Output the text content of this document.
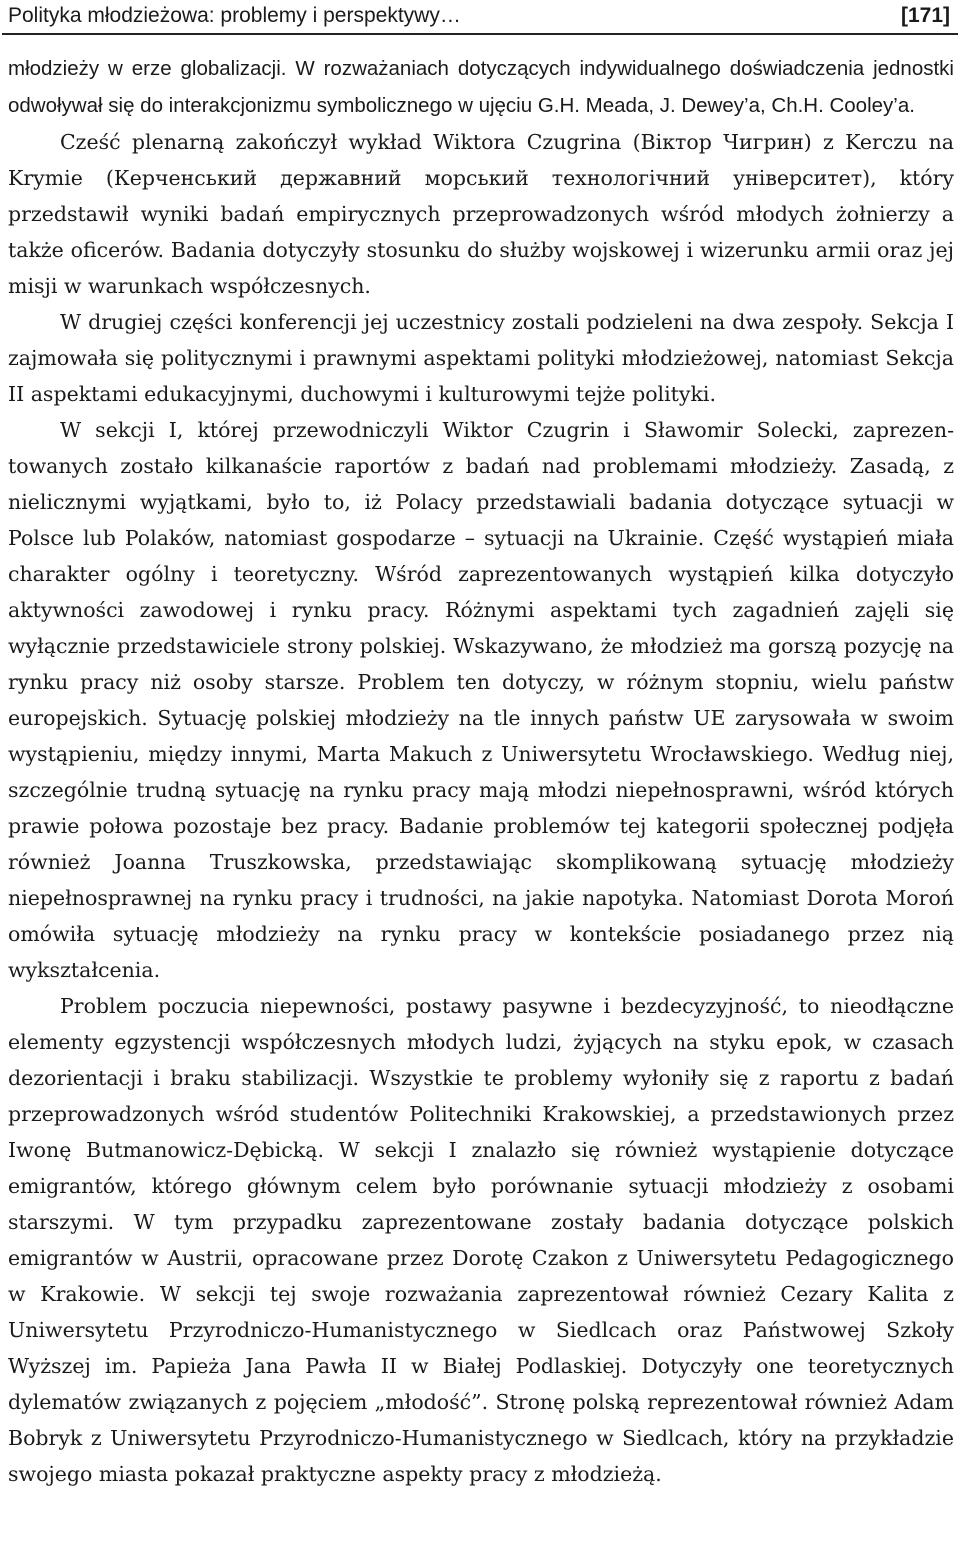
Polityka młodzieżowa: problemy i perspektywy…	[171]

młodzieży w erze globalizacji. W rozważaniach dotyczących indywidualnego doświadczenia jednostki odwoływał się do interakcjonizmu symbolicznego w ujęciu G.H. Meada, J. Dewey’a, Ch.H. Cooley’a.

Cześć plenarną zakończył wykład Wiktora Czugrina (Віктор Чигрин) z Kerczu na Krymie (Керченський державний морський технологічний університет), który przedstawił wyniki badań empirycznych przeprowadzonych wśród młodych żołnierzy a także oficerów. Badania dotyczyły stosunku do służby wojskowej i wizerunku armii oraz jej misji w warunkach współczesnych.

W drugiej części konferencji jej uczestnicy zostali podzieleni na dwa zespoły. Sekcja I zajmowała się politycznymi i prawnymi aspektami polityki młodzieżowej, natomiast Sekcja II aspektami edukacyjnymi, duchowymi i kulturowymi tejże polityki.

W sekcji I, której przewodniczyli Wiktor Czugrin i Sławomir Solecki, zaprezentowanych zostało kilkanaście raportów z badań nad problemami młodzieży. Zasadą, z nielicznymi wyjątkami, było to, iż Polacy przedstawiali badania dotyczące sytuacji w Polsce lub Polaków, natomiast gospodarze – sytuacji na Ukrainie. Część wystąpień miała charakter ogólny i teoretyczny. Wśród zaprezentowanych wystąpień kilka dotyczyło aktywności zawodowej i rynku pracy. Różnymi aspektami tych zagadnień zajęli się wyłącznie przedstawiciele strony polskiej. Wskazywano, że młodzież ma gorszą pozycję na rynku pracy niż osoby starsze. Problem ten dotyczy, w różnym stopniu, wielu państw europejskich. Sytuację polskiej młodzieży na tle innych państw UE zarysowała w swoim wystąpieniu, między innymi, Marta Makuch z Uniwersytetu Wrocławskiego. Według niej, szczególnie trudną sytuację na rynku pracy mają młodzi niepełnosprawni, wśród których prawie połowa pozostaje bez pracy. Badanie problemów tej kategorii społecznej podjęła również Joanna Truszkowska, przedstawiając skomplikowaną sytuację młodzieży niepełnosprawnej na rynku pracy i trudności, na jakie napotyka. Natomiast Dorota Moroń omówiła sytuację młodzieży na rynku pracy w kontekście posiadanego przez nią wykształcenia.

Problem poczucia niepewności, postawy pasywne i bezdecyzyjność, to nieodłączne elementy egzystencji współczesnych młodych ludzi, żyjących na styku epok, w czasach dezorientacji i braku stabilizacji. Wszystkie te problemy wyłoniły się z raportu z badań przeprowadzonych wśród studentów Politechniki Krakowskiej, a przedstawionych przez Iwonę Butmanowicz-Dębicką. W sekcji I znalazło się również wystąpienie dotyczące emigrantów, którego głównym celem było porównanie sytuacji młodzieży z osobami starszymi. W tym przypadku zaprezentowane zostały badania dotyczące polskich emigrantów w Austrii, opracowane przez Dorotę Czakon z Uniwersytetu Pedagogicznego w Krakowie. W sekcji tej swoje rozważania zaprezentował również Cezary Kalita z Uniwersytetu Przyrodniczo-Humanistycznego w Siedlcach oraz Państwowej Szkoły Wyższej im. Papieża Jana Pawła II w Białej Podlaskiej. Dotyczyły one teoretycznych dylematów związanych z pojęciem „młodość”. Stronę polską reprezentował również Adam Bobryk z Uniwersytetu Przyrodniczo-Humanistycznego w Siedlcach, który na przykładzie swojego miasta pokazał praktyczne aspekty pracy z młodzieżą.
